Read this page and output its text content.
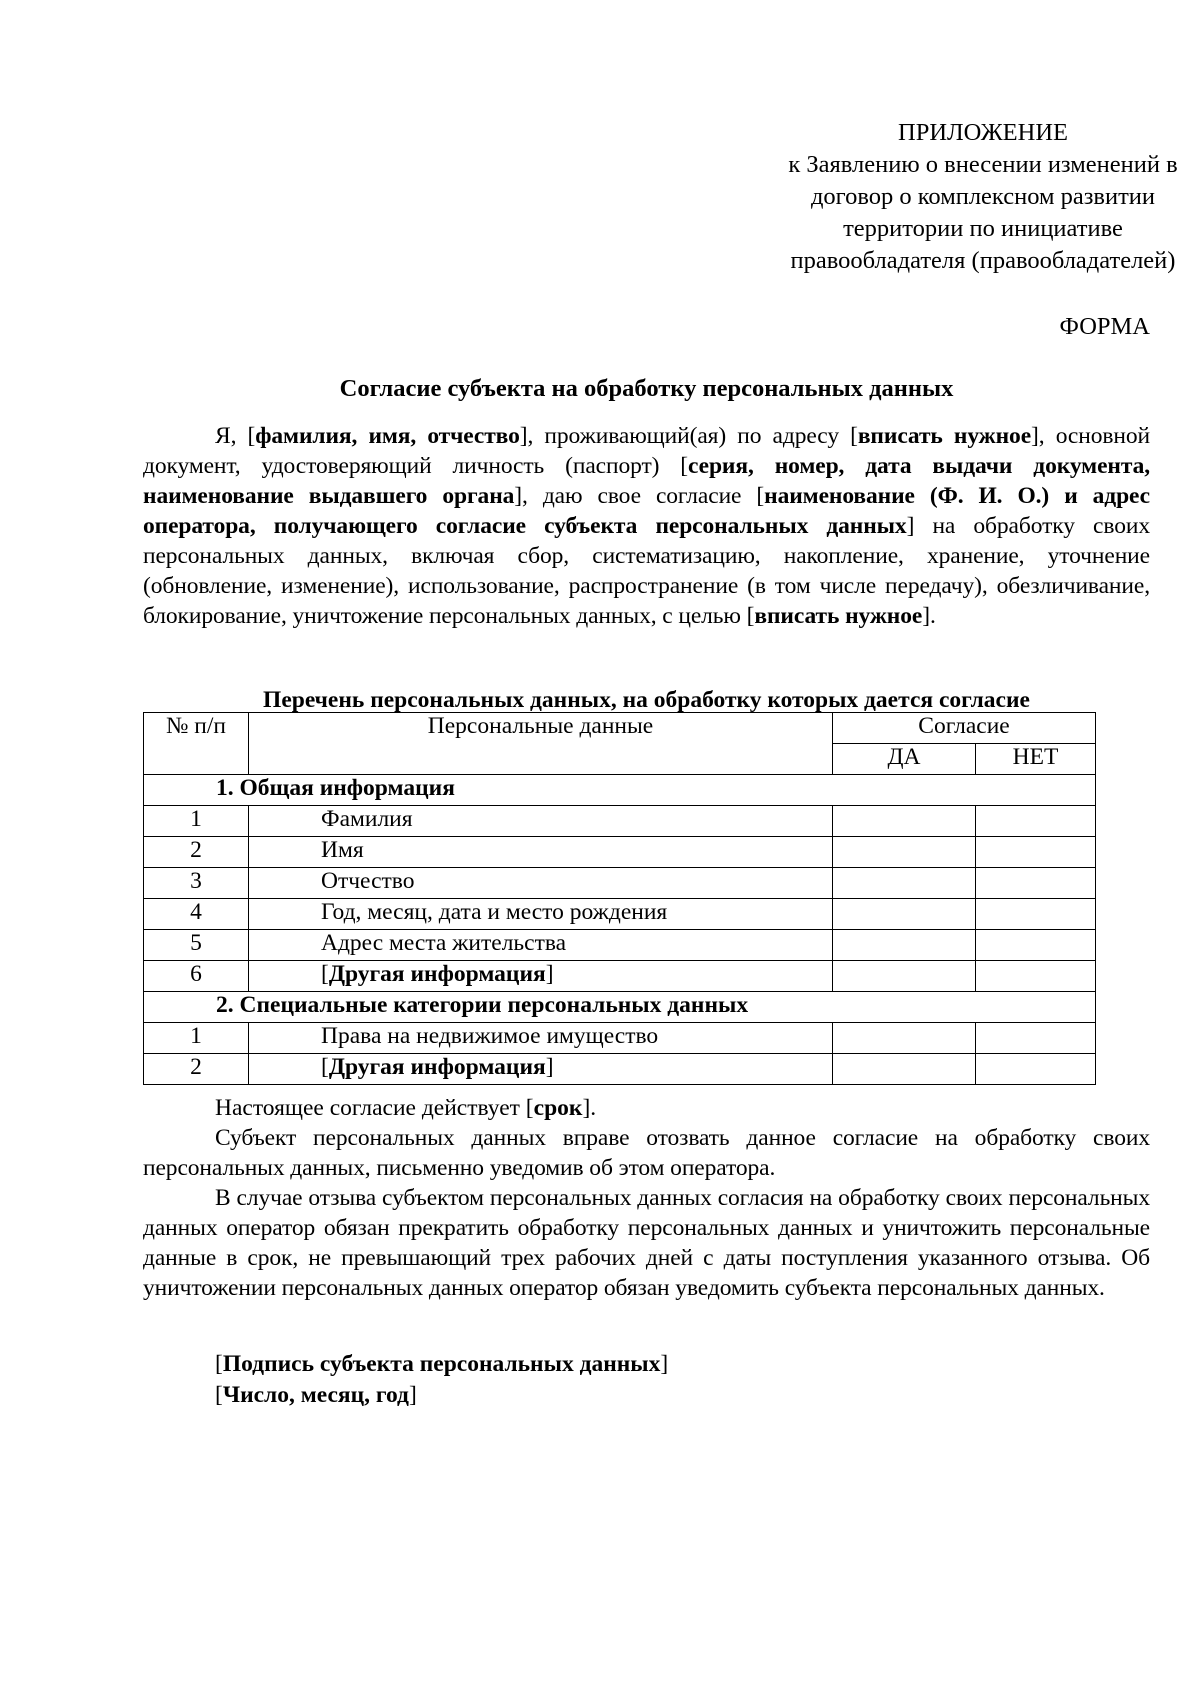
ПРИЛОЖЕНИЕ
к Заявлению о внесении изменений в
договор о комплексном развитии
территории по инициативе
правообладателя (правообладателей)
ФОРМА
Согласие субъекта на обработку персональных данных
Я, [фамилия, имя, отчество], проживающий(ая) по адресу [вписать нужное], основной документ, удостоверяющий личность (паспорт) [серия, номер, дата выдачи документа, наименование выдавшего органа], даю свое согласие [наименование (Ф. И. О.) и адрес оператора, получающего согласие субъекта персональных данных] на обработку своих персональных данных, включая сбор, систематизацию, накопление, хранение, уточнение (обновление, изменение), использование, распространение (в том числе передачу), обезличивание, блокирование, уничтожение персональных данных, с целью [вписать нужное].
Перечень персональных данных, на обработку которых дается согласие
№ п/п	Персональные данные	Согласие	
		ДА	НЕТ
1. Общая информация			
1	Фамилия		
2	Имя		
3	Отчество		
4	Год, месяц, дата и место рождения		
5	Адрес места жительства		
6	[Другая информация]		
2. Специальные категории персональных данных			
1	Права на недвижимое имущество		
2	[Другая информация]		
Настоящее согласие действует [срок].
Субъект персональных данных вправе отозвать данное согласие на обработку своих персональных данных, письменно уведомив об этом оператора.
В случае отзыва субъектом персональных данных согласия на обработку своих персональных данных оператор обязан прекратить обработку персональных данных и уничтожить персональные данные в срок, не превышающий трех рабочих дней с даты поступления указанного отзыва. Об уничтожении персональных данных оператор обязан уведомить субъекта персональных данных.
[Подпись субъекта персональных данных]
[Число, месяц, год]
